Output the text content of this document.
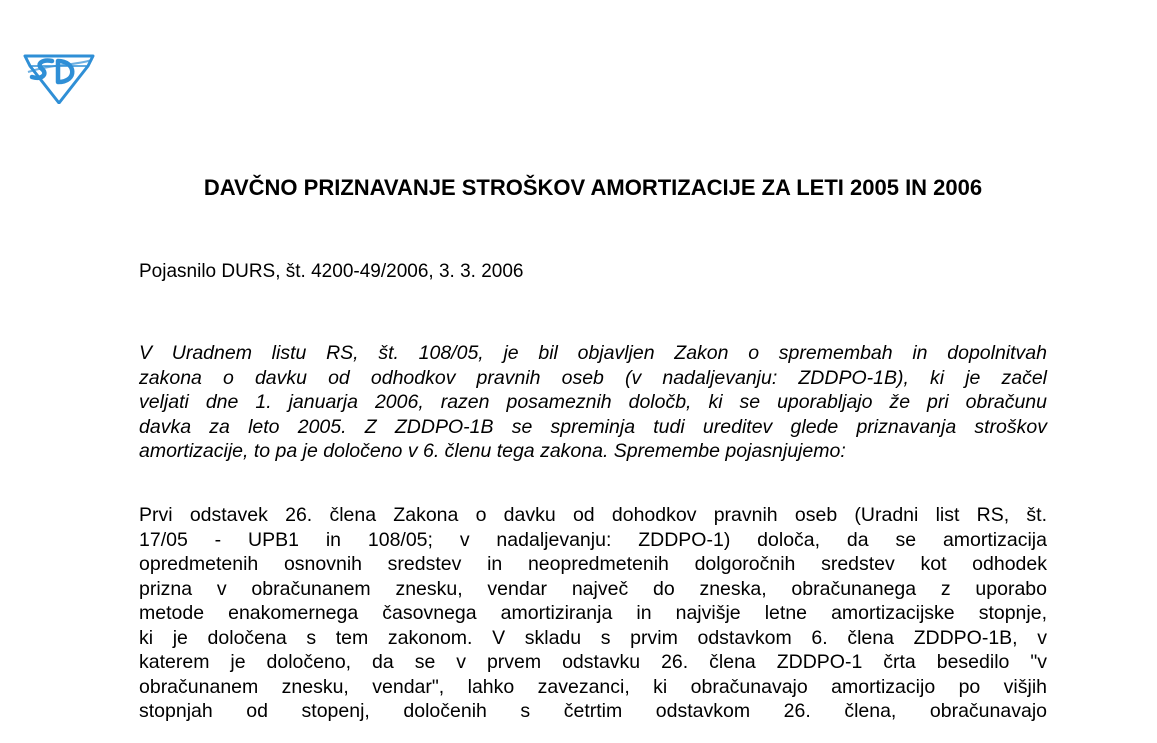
DAVČNO PRIZNAVANJE STROŠKOV AMORTIZACIJE ZA LETI 2005 IN 2006

Pojasnilo DURS, št. 4200-49/2006, 3. 3. 2006

V Uradnem listu RS, št. 108/05, je bil objavljen Zakon o spremembah in dopolnitvah
zakona o davku od odhodkov pravnih oseb (v nadaljevanju: ZDDPO-1B), ki je začel
veljati dne 1. januarja 2006, razen posameznih določb, ki se uporabljajo že pri obračunu
davka za leto 2005. Z ZDDPO-1B se spreminja tudi ureditev glede priznavanja stroškov
amortizacije, to pa je določeno v 6. členu tega zakona. Spremembe pojasnjujemo:
Prvi odstavek 26. člena Zakona o davku od dohodkov pravnih oseb (Uradni list RS, št.
17/05 - UPB1 in 108/05; v nadaljevanju: ZDDPO-1) določa, da se amortizacija
opredmetenih osnovnih sredstev in neopredmetenih dolgoročnih sredstev kot odhodek
prizna v obračunanem znesku, vendar največ do zneska, obračunanega z uporabo
metode enakomernega časovnega amortiziranja in najvišje letne amortizacijske stopnje,
ki je določena s tem zakonom. V skladu s prvim odstavkom 6. člena ZDDPO-1B, v
katerem je določeno, da se v prvem odstavku 26. člena ZDDPO-1 črta besedilo "v
obračunanem znesku, vendar", lahko zavezanci, ki obračunavajo amortizacijo po višjih
stopnjah od stopenj, določenih s četrtim odstavkom 26. člena, obračunavajo
